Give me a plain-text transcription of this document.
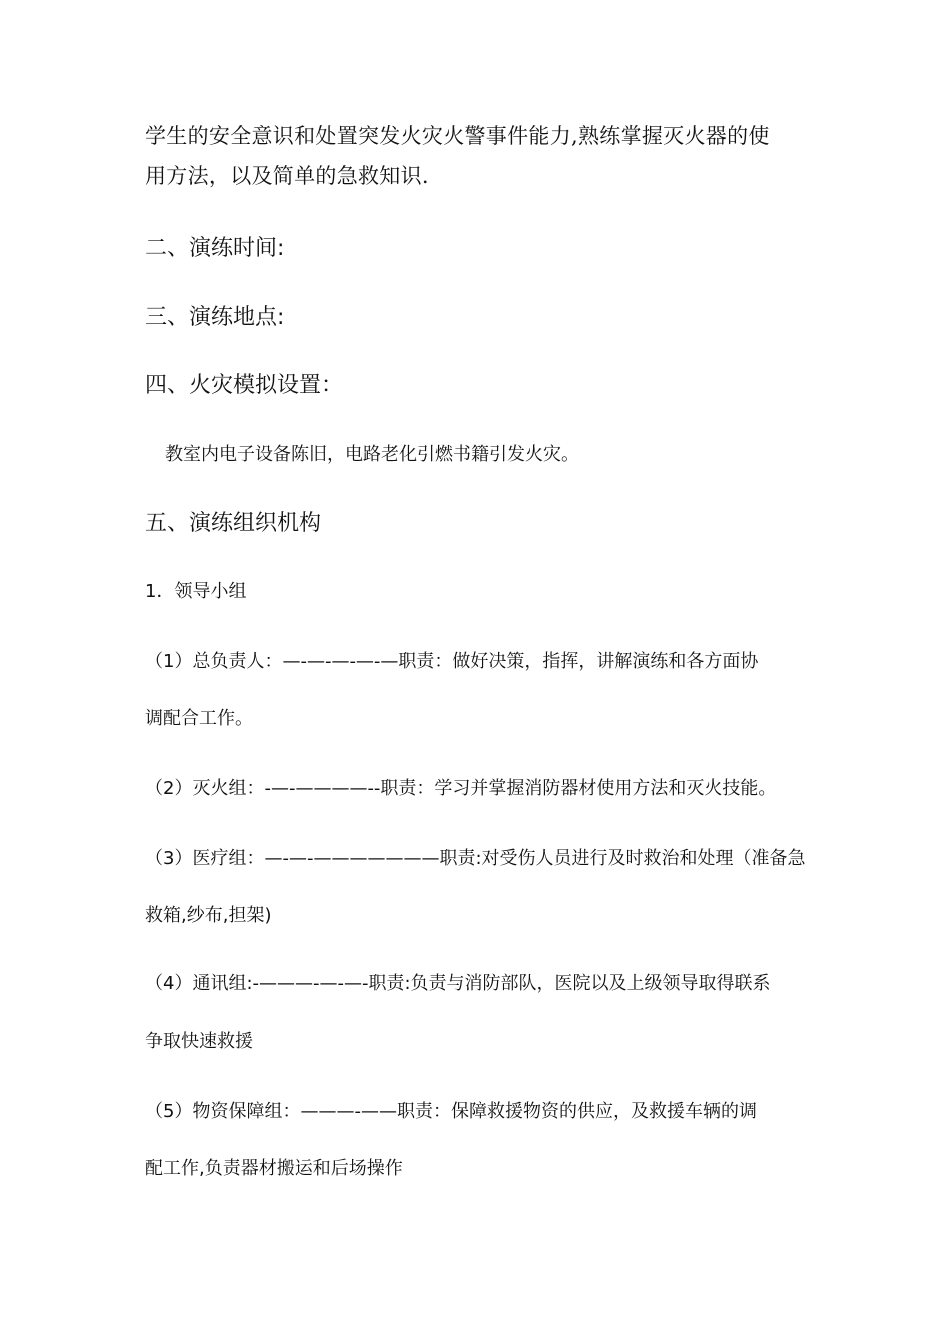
学生的安全意识和处置突发火灾火警事件能力,熟练掌握灭火器的使
用方法，以及简单的急救知识.
二、演练时间:
三、演练地点:
四、火灾模拟设置：
教室内电子设备陈旧，电路老化引燃书籍引发火灾。
五、演练组织机构
1．领导小组
（1）总负责人：—-—-—-—-—职责：做好决策，指挥，讲解演练和各方面协
调配合工作。
（2）灭火组：-—-————--职责：学习并掌握消防器材使用方法和灭火技能。
（3）医疗组：—-—-———————职责:对受伤人员进行及时救治和处理（准备急
救箱,纱布,担架)
（4）通讯组:-———-—-—-职责:负责与消防部队，医院以及上级领导取得联系
争取快速救援
（5）物资保障组：———-——职责：保障救援物资的供应，及救援车辆的调
配工作,负责器材搬运和后场操作
